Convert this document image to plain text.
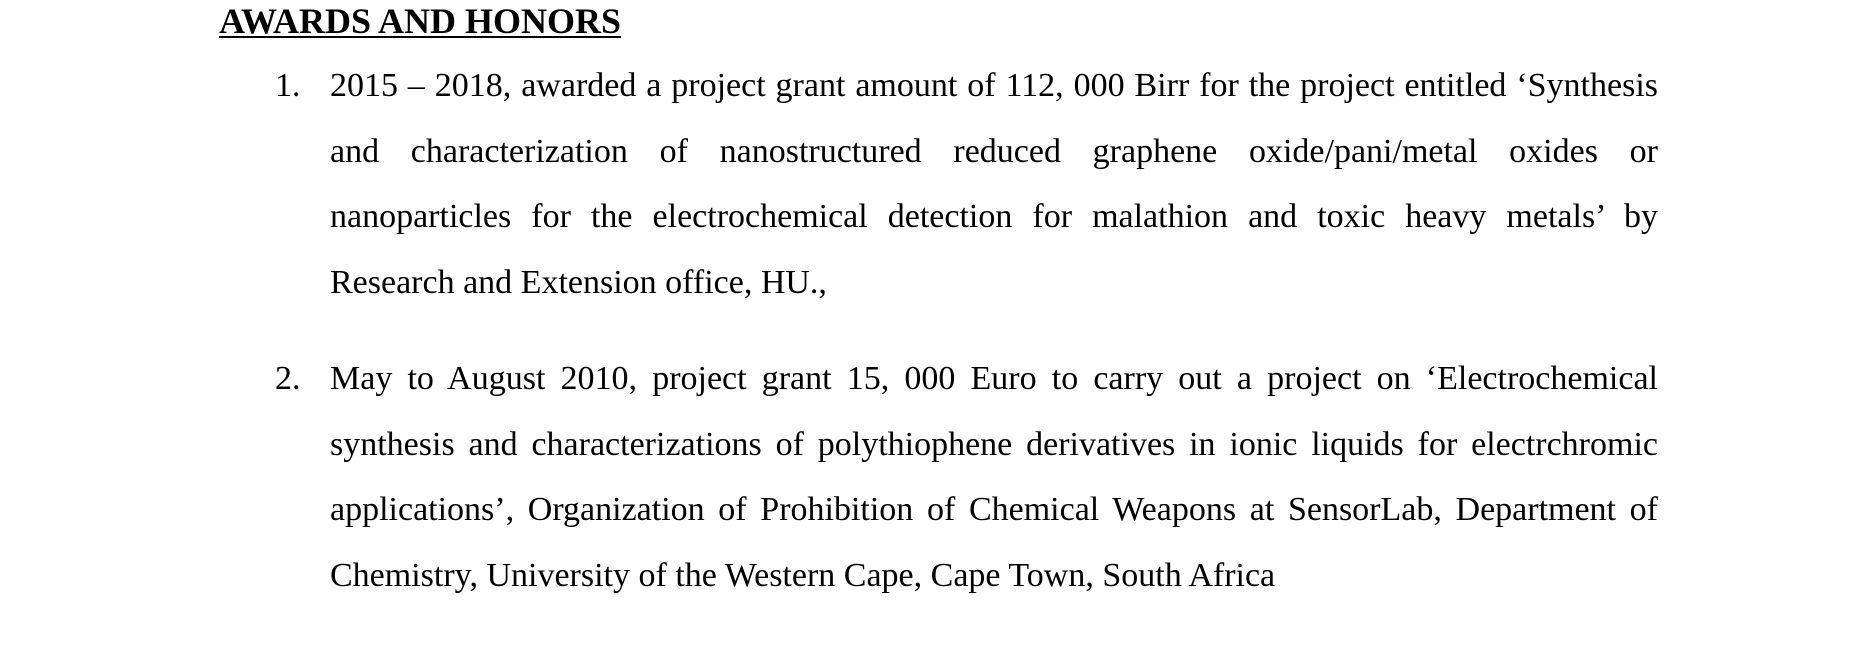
AWARDS AND HONORS
1. 2015 – 2018, awarded a project grant amount of 112, 000 Birr for the project entitled ‘Synthesis and characterization of nanostructured reduced graphene oxide/pani/metal oxides or nanoparticles for the electrochemical detection for malathion and toxic heavy metals’ by Research and Extension office, HU.,
2. May to August 2010, project grant 15, 000 Euro to carry out a project on ‘Electrochemical synthesis and characterizations of polythiophene derivatives in ionic liquids for electrchromic applications’, Organization of Prohibition of Chemical Weapons at SensorLab, Department of Chemistry, University of the Western Cape, Cape Town, South Africa
